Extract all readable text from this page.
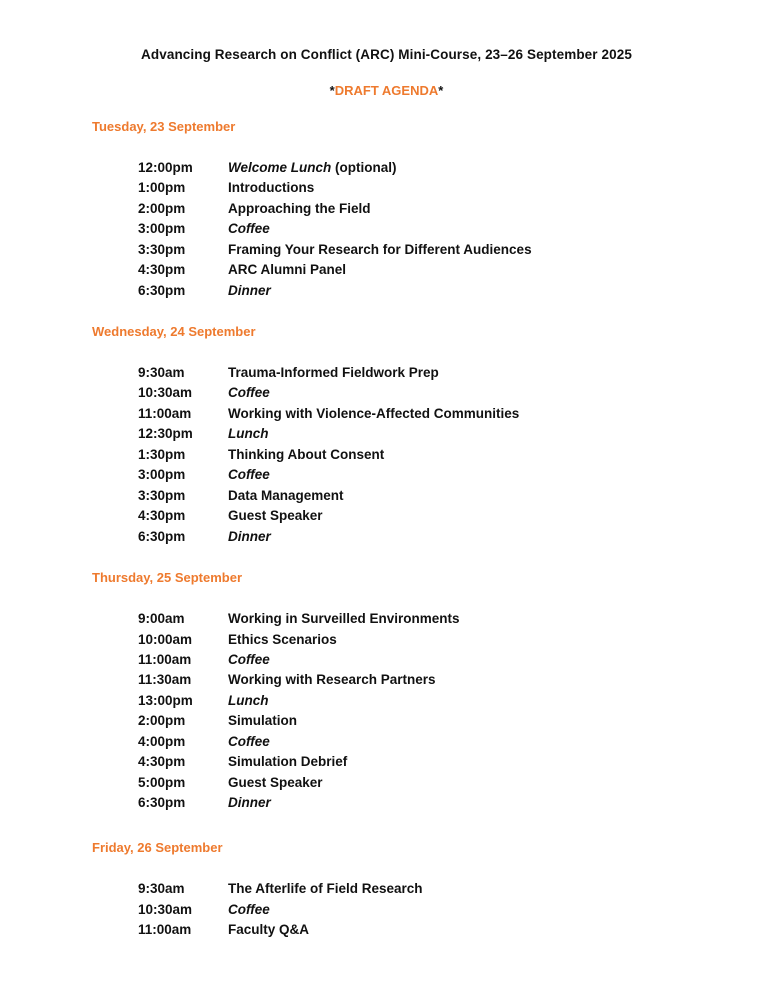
Advancing Research on Conflict (ARC) Mini-Course, 23–26 September 2025
*DRAFT AGENDA*
Tuesday, 23 September
12:00pm	Welcome Lunch (optional)
1:00pm	Introductions
2:00pm	Approaching the Field
3:00pm	Coffee
3:30pm	Framing Your Research for Different Audiences
4:30pm	ARC Alumni Panel
6:30pm	Dinner
Wednesday, 24 September
9:30am	Trauma-Informed Fieldwork Prep
10:30am	Coffee
11:00am	Working with Violence-Affected Communities
12:30pm	Lunch
1:30pm	Thinking About Consent
3:00pm	Coffee
3:30pm	Data Management
4:30pm	Guest Speaker
6:30pm	Dinner
Thursday, 25 September
9:00am	Working in Surveilled Environments
10:00am	Ethics Scenarios
11:00am	Coffee
11:30am	Working with Research Partners
13:00pm	Lunch
2:00pm	Simulation
4:00pm	Coffee
4:30pm	Simulation Debrief
5:00pm	Guest Speaker
6:30pm	Dinner
Friday, 26 September
9:30am	The Afterlife of Field Research
10:30am	Coffee
11:00am	Faculty Q&A
